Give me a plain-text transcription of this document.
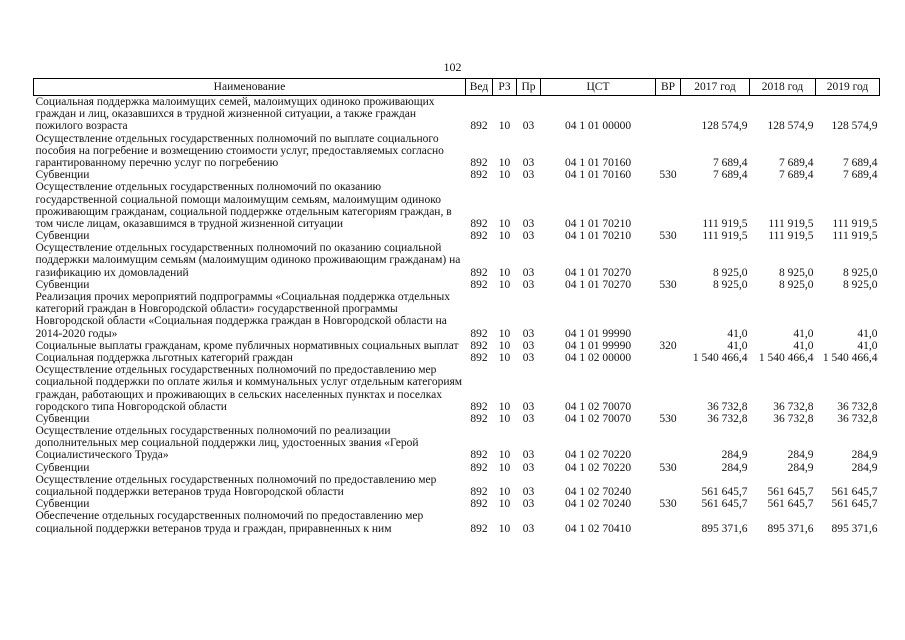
102
Наименование	Вед	РЗ	Пр	ЦСТ	ВР	2017 год	2018 год	2019 год
Социальная поддержка малоимущих семей, малоимущих одиноко проживающих граждан и лиц, оказавшихся в трудной жизненной ситуации, а также граждан пожилого возраста	892	10	03	04 1 01 00000		128 574,9	128 574,9	128 574,9
Осуществление отдельных государственных полномочий по выплате социального пособия на погребение и возмещению стоимости услуг, предоставляемых согласно гарантированному перечню услуг по погребению	892	10	03	04 1 01 70160		7 689,4	7 689,4	7 689,4
Субвенции	892	10	03	04 1 01 70160	530	7 689,4	7 689,4	7 689,4
Осуществление отдельных государственных полномочий по оказанию государственной социальной помощи малоимущим семьям, малоимущим одиноко проживающим гражданам, социальной поддержке отдельным категориям граждан, в том числе лицам, оказавшимся в трудной жизненной ситуации	892	10	03	04 1 01 70210		111 919,5	111 919,5	111 919,5
Субвенции	892	10	03	04 1 01 70210	530	111 919,5	111 919,5	111 919,5
Осуществление отдельных государственных полномочий по оказанию социальной поддержки малоимущим семьям (малоимущим одиноко проживающим гражданам) на газификацию их домовладений	892	10	03	04 1 01 70270		8 925,0	8 925,0	8 925,0
Субвенции	892	10	03	04 1 01 70270	530	8 925,0	8 925,0	8 925,0
Реализация прочих мероприятий подпрограммы «Социальная поддержка отдельных категорий граждан в Новгородской области» государственной программы Новгородской области «Социальная поддержка граждан в Новгородской области на 2014-2020 годы»	892	10	03	04 1 01 99990		41,0	41,0	41,0
Социальные выплаты гражданам, кроме публичных нормативных социальных выплат	892	10	03	04 1 01 99990	320	41,0	41,0	41,0
Социальная поддержка льготных категорий граждан	892	10	03	04 1 02 00000		1 540 466,4	1 540 466,4	1 540 466,4
Осуществление отдельных государственных полномочий по предоставлению мер социальной поддержки по оплате жилья и коммунальных услуг отдельным категориям граждан, работающих и проживающих в сельских населенных пунктах и поселках городского типа Новгородской области	892	10	03	04 1 02 70070		36 732,8	36 732,8	36 732,8
Субвенции	892	10	03	04 1 02 70070	530	36 732,8	36 732,8	36 732,8
Осуществление отдельных государственных полномочий по реализации дополнительных мер социальной поддержки лиц, удостоенных звания «Герой Социалистического Труда»	892	10	03	04 1 02 70220		284,9	284,9	284,9
Субвенции	892	10	03	04 1 02 70220	530	284,9	284,9	284,9
Осуществление отдельных государственных полномочий по предоставлению мер социальной поддержки ветеранов труда Новгородской области	892	10	03	04 1 02 70240		561 645,7	561 645,7	561 645,7
Субвенции	892	10	03	04 1 02 70240	530	561 645,7	561 645,7	561 645,7
Обеспечение отдельных государственных полномочий по предоставлению мер социальной поддержки ветеранов труда и граждан, приравненных к ним	892	10	03	04 1 02 70410		895 371,6	895 371,6	895 371,6
